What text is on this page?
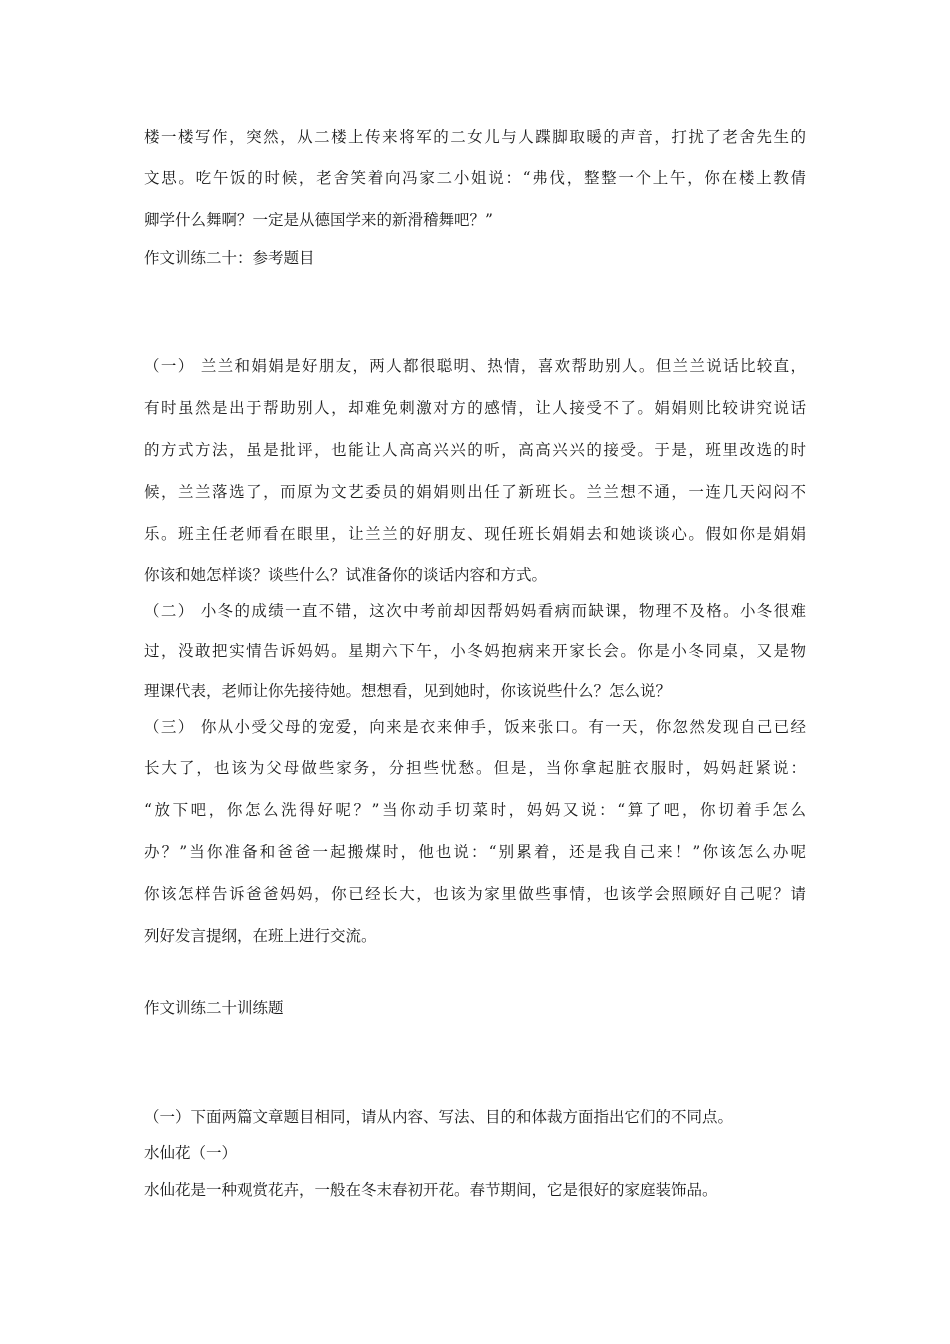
楼一楼写作，突然，从二楼上传来将军的二女儿与人蹀脚取暖的声音，打扰了老舍先生的
文思。吃午饭的时候，老舍笑着向冯家二小姐说：“弗伐，整整一个上午，你在楼上教倩
卿学什么舞啊？一定是从德国学来的新滑稽舞吧？”
作文训练二十：参考题目
（一） 兰兰和娟娟是好朋友，两人都很聪明、热情，喜欢帮助别人。但兰兰说话比较直，
有时虽然是出于帮助别人，却难免刺激对方的感情，让人接受不了。娟娟则比较讲究说话
的方式方法，虽是批评，也能让人高高兴兴的听，高高兴兴的接受。于是，班里改选的时
候，兰兰落选了，而原为文艺委员的娟娟则出任了新班长。兰兰想不通，一连几天闷闷不
乐。班主任老师看在眼里，让兰兰的好朋友、现任班长娟娟去和她谈谈心。假如你是娟娟
你该和她怎样谈？谈些什么？试准备你的谈话内容和方式。
（二） 小冬的成绩一直不错，这次中考前却因帮妈妈看病而缺课，物理不及格。小冬很难
过，没敢把实情告诉妈妈。星期六下午，小冬妈抱病来开家长会。你是小冬同桌，又是物
理课代表，老师让你先接待她。想想看，见到她时，你该说些什么？怎么说？
（三） 你从小受父母的宠爱，向来是衣来伸手，饭来张口。有一天，你忽然发现自己已经
长大了，也该为父母做些家务，分担些忧愁。但是，当你拿起脏衣服时，妈妈赶紧说：
“放下吧，你怎么洗得好呢？”当你动手切菜时，妈妈又说：“算了吧，你切着手怎么
办？”当你准备和爸爸一起搬煤时，他也说：“别累着，还是我自己来！”你该怎么办呢
你该怎样告诉爸爸妈妈，你已经长大，也该为家里做些事情，也该学会照顾好自己呢？请
列好发言提纲，在班上进行交流。
作文训练二十训练题
（一）下面两篇文章题目相同，请从内容、写法、目的和体裁方面指出它们的不同点。
水仙花（一）
水仙花是一种观赏花卉，一般在冬末春初开花。春节期间，它是很好的家庭装饰品。
